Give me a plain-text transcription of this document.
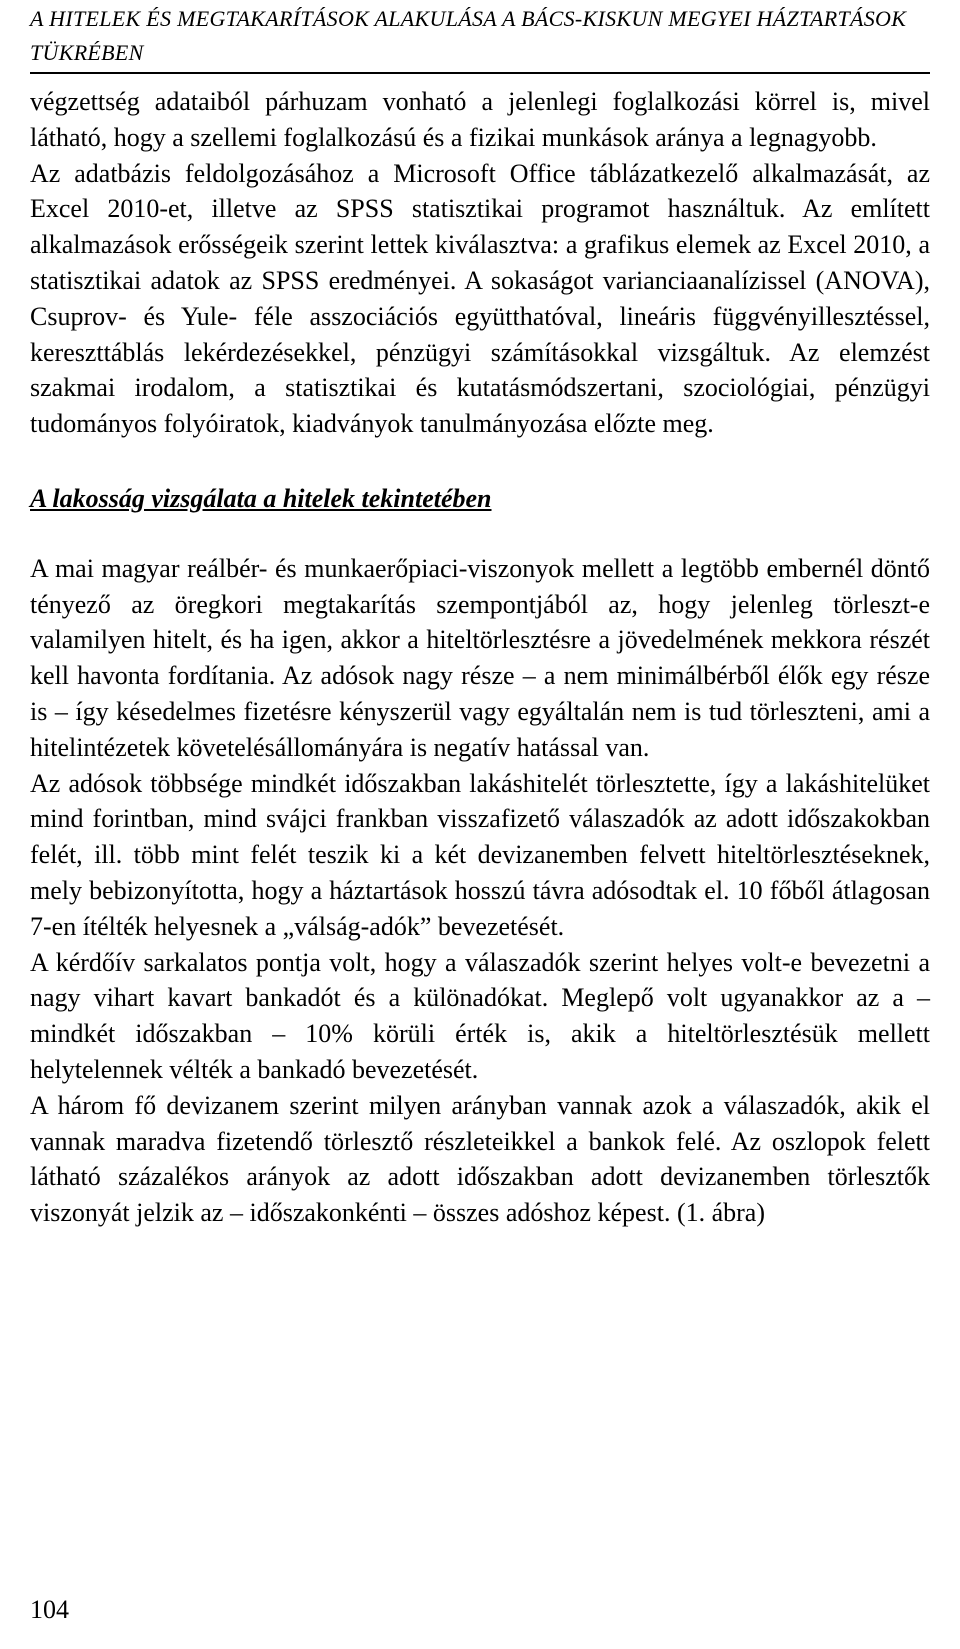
A HITELEK ÉS MEGTAKARÍTÁSOK ALAKULÁSA A BÁCS-KISKUN MEGYEI HÁZTARTÁSOK TÜKRÉBEN

végzettség adataiból párhuzam vonható a jelenlegi foglalkozási körrel is, mivel látható, hogy a szellemi foglalkozású és a fizikai munkások aránya a legnagyobb.

Az adatbázis feldolgozásához a Microsoft Office táblázatkezelő alkalmazását, az Excel 2010-et, illetve az SPSS statisztikai programot használtuk. Az említett alkalmazások erősségeik szerint lettek kiválasztva: a grafikus elemek az Excel 2010, a statisztikai adatok az SPSS eredményei. A sokaságot varianciaanalízissel (ANOVA), Csuprov- és Yule- féle asszociációs együtthatóval, lineáris függvényillesztéssel, kereszttáblás lekérdezésekkel, pénzügyi számításokkal vizsgáltuk. Az elemzést szakmai irodalom, a statisztikai és kutatásmódszertani, szociológiai, pénzügyi tudományos folyóiratok, kiadványok tanulmányozása előzte meg.

A lakosság vizsgálata a hitelek tekintetében

A mai magyar reálbér- és munkaerőpiaci-viszonyok mellett a legtöbb embernél döntő tényező az öregkori megtakarítás szempontjából az, hogy jelenleg törleszt-e valamilyen hitelt, és ha igen, akkor a hiteltörlesztésre a jövedelmének mekkora részét kell havonta fordítania. Az adósok nagy része – a nem minimálbérből élők egy része is – így késedelmes fizetésre kényszerül vagy egyáltalán nem is tud törleszteni, ami a hitelintézetek követelésállományára is negatív hatással van.

Az adósok többsége mindkét időszakban lakáshitelét törlesztette, így a lakáshitelüket mind forintban, mind svájci frankban visszafizető válaszadók az adott időszakokban felét, ill. több mint felét teszik ki a két devizanemben felvett hiteltörlesztéseknek, mely bebizonyította, hogy a háztartások hosszú távra adósodtak el. 10 főből átlagosan 7-en ítélték helyesnek a „válság-adók” bevezetését.

A kérdőív sarkalatos pontja volt, hogy a válaszadók szerint helyes volt-e bevezetni a nagy vihart kavart bankadót és a különadókat. Meglepő volt ugyanakkor az a – mindkét időszakban – 10% körüli érték is, akik a hiteltörlesztésük mellett helytelennek vélték a bankadó bevezetését.

A három fő devizanem szerint milyen arányban vannak azok a válaszadók, akik el vannak maradva fizetendő törlesztő részleteikkel a bankok felé. Az oszlopok felett látható százalékos arányok az adott időszakban adott devizanemben törlesztők viszonyát jelzik az – időszakonkénti – összes adóshoz képest. (1. ábra)

104
